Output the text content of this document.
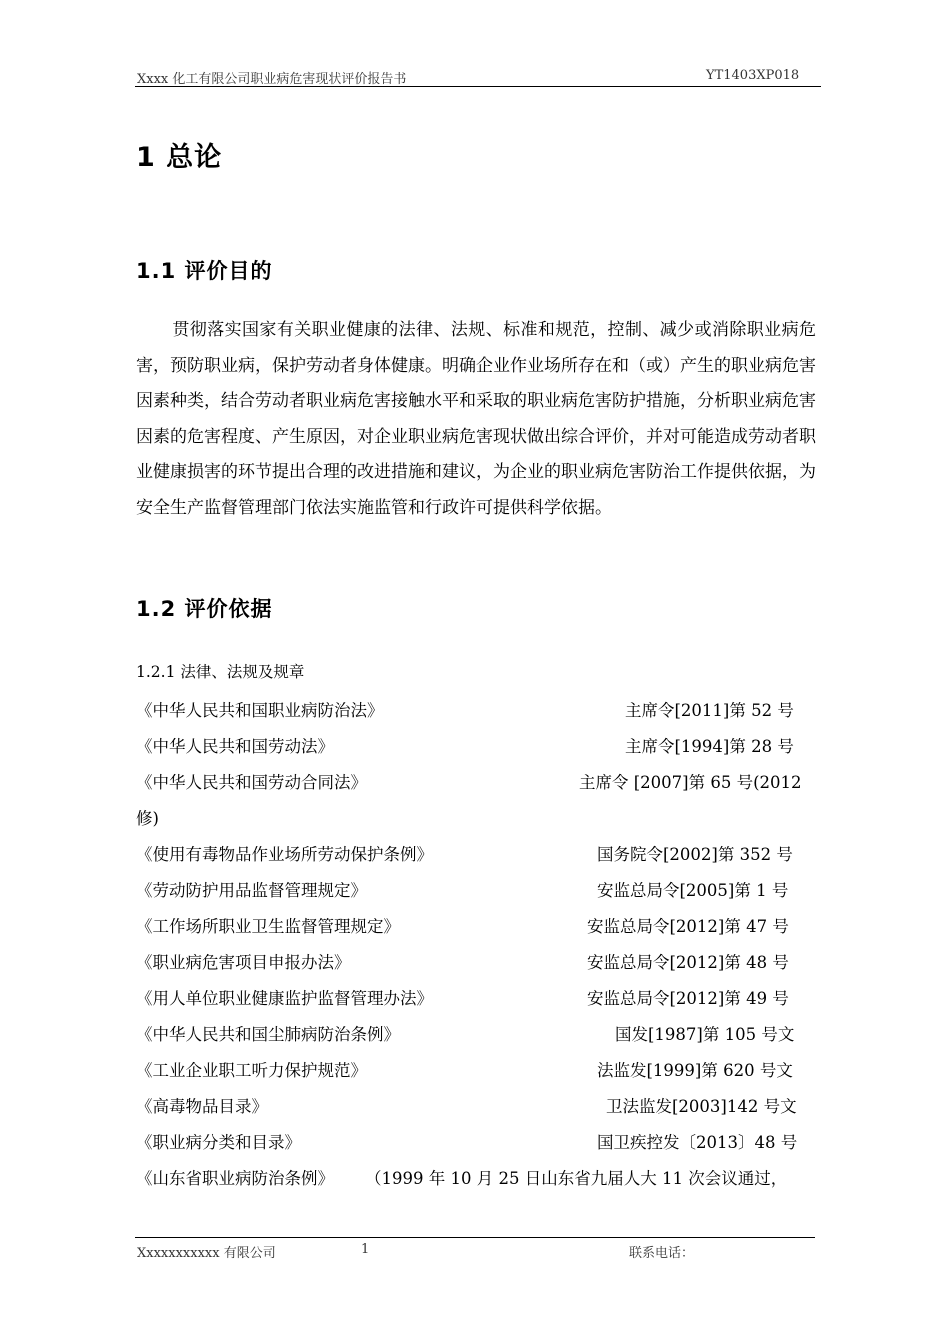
Xxxx 化工有限公司职业病危害现状评价报告书	YT1403XP018
1 总论
1.1 评价目的
贯彻落实国家有关职业健康的法律、法规、标准和规范，控制、减少或消除职业病危害，预防职业病，保护劳动者身体健康。明确企业作业场所存在和（或）产生的职业病危害因素种类，结合劳动者职业病危害接触水平和采取的职业病危害防护措施，分析职业病危害因素的危害程度、产生原因，对企业职业病危害现状做出综合评价，并对可能造成劳动者职业健康损害的环节提出合理的改进措施和建议，为企业的职业病危害防治工作提供依据，为安全生产监督管理部门依法实施监管和行政许可提供科学依据。
1.2 评价依据
1.2.1 法律、法规及规章
《中华人民共和国职业病防治法》	主席令[2011]第 52 号
《中华人民共和国劳动法》	主席令[1994]第 28 号
《中华人民共和国劳动合同法》	主席令 [2007]第 65 号(2012
修)
《使用有毒物品作业场所劳动保护条例》	国务院令[2002]第 352 号
《劳动防护用品监督管理规定》	安监总局令[2005]第 1 号
《工作场所职业卫生监督管理规定》	安监总局令[2012]第 47 号
《职业病危害项目申报办法》	安监总局令[2012]第 48 号
《用人单位职业健康监护监督管理办法》	安监总局令[2012]第 49 号
《中华人民共和国尘肺病防治条例》	国发[1987]第 105 号文
《工业企业职工听力保护规范》	法监发[1999]第 620 号文
《高毒物品目录》	卫法监发[2003]142 号文
《职业病分类和目录》	国卫疾控发〔2013〕48 号
《山东省职业病防治条例》 （1999 年 10 月 25 日山东省九届人大 11 次会议通过，
Xxxxxxxxxxx 有限公司	1	联系电话：
